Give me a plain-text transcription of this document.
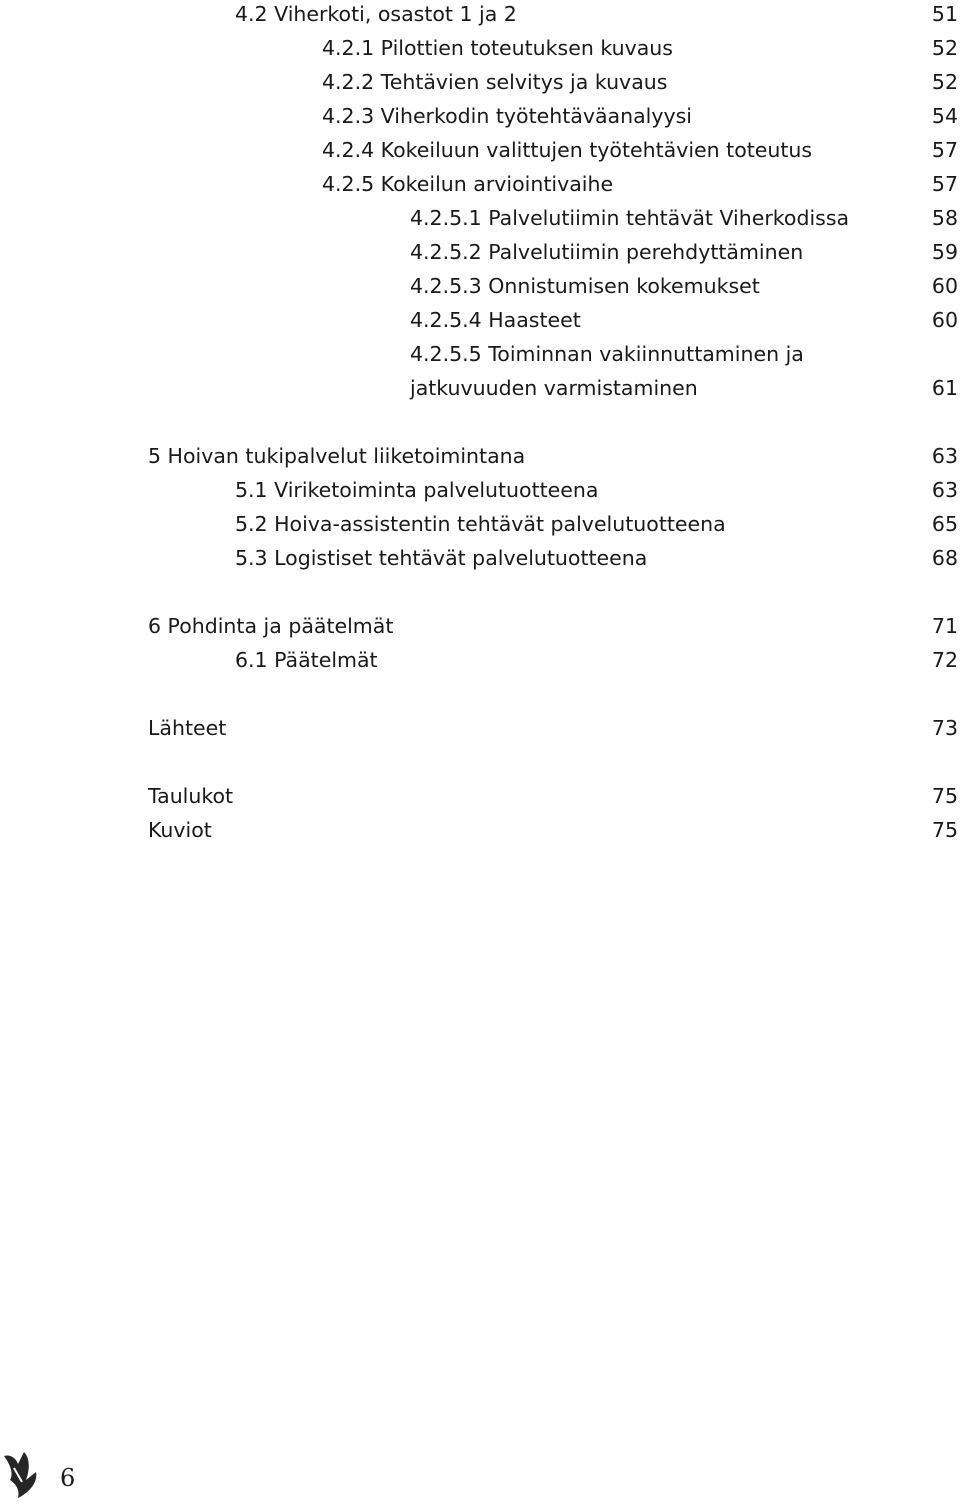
4.2 Viherkoti, osastot 1 ja 2	51
4.2.1 Pilottien toteutuksen kuvaus	52
4.2.2 Tehtävien selvitys ja kuvaus	52
4.2.3 Viherkodin työtehtäväanalyysi	54
4.2.4 Kokeiluun valittujen työtehtävien toteutus	57
4.2.5 Kokeilun arviointivaihe	57
4.2.5.1 Palvelutiimin tehtävät Viherkodissa	58
4.2.5.2 Palvelutiimin perehdyttäminen	59
4.2.5.3 Onnistumisen kokemukset	60
4.2.5.4 Haasteet	60
4.2.5.5 Toiminnan vakiinnuttaminen ja
jatkuvuuden varmistaminen	61
5 Hoivan tukipalvelut liiketoimintana	63
5.1 Viriketoiminta palvelutuotteena	63
5.2 Hoiva-assistentin tehtävät palvelutuotteena	65
5.3 Logistiset tehtävät palvelutuotteena	68
6 Pohdinta ja päätelmät	71
6.1 Päätelmät	72
Lähteet	73
Taulukot	75
Kuviot	75
6
